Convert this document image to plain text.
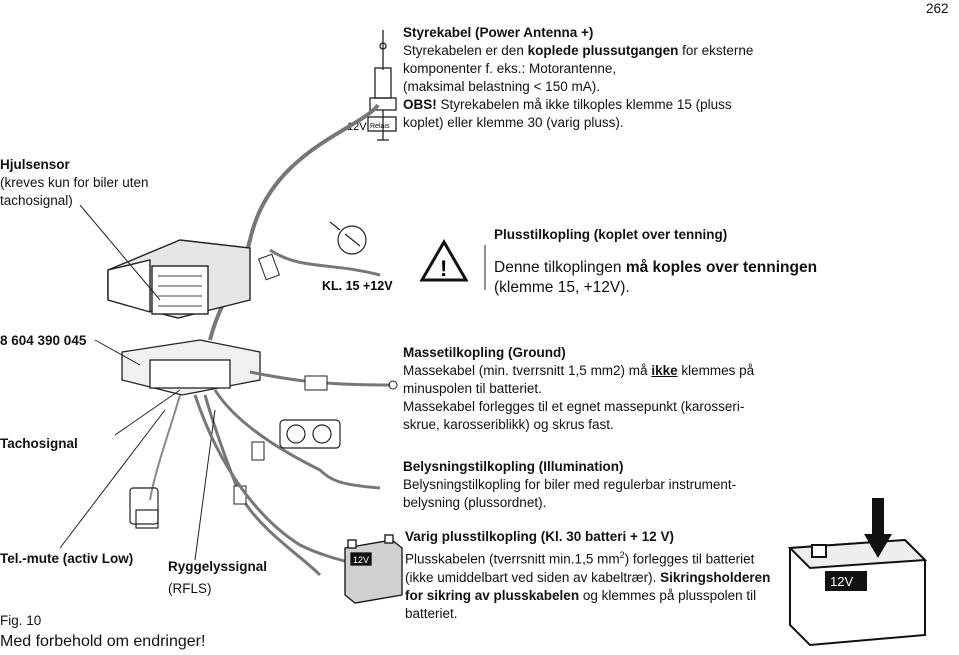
12V Relais
KL. 15 +12V
!
12V
12V
262
Styrekabel (Power Antenna +)
Styrekabelen er den koplede plussutgangen for eksterne
komponenter f. eks.: Motorantenne,
(maksimal belastning < 150 mA).
OBS! Styrekabelen må ikke tilkoples klemme 15 (pluss
koplet) eller klemme 30 (varig pluss).
Hjulsensor
(kreves kun for biler uten
tachosignal)
Plusstilkopling (koplet over tenning)
Denne tilkoplingen må koples over tenningen
(klemme 15, +12V).
8 604 390 045
Tachosignal
Massetilkopling (Ground)
Massekabel (min. tverrsnitt 1,5 mm2) må ikke klemmes på
minuspolen til batteriet.
Massekabel forlegges til et egnet massepunkt (karosseri-
skrue, karosseriblikk) og skrus fast.
Belysningstilkopling (Illumination)
Belysningstilkopling for biler med regulerbar instrument-
belysning (plussordnet).
Tel.-mute (activ Low)
Ryggelyssignal
(RFLS)
Varig plusstilkopling (Kl. 30 batteri + 12 V)
Plusskabelen (tverrsnitt min.1,5 $mm^2$) forlegges til batteriet
(ikke umiddelbart ved siden av kabeltrær). Sikringsholderen
for sikring av plusskabelen og klemmes på plusspolen til
batteriet.
Fig. 10
Med forbehold om endringer!
